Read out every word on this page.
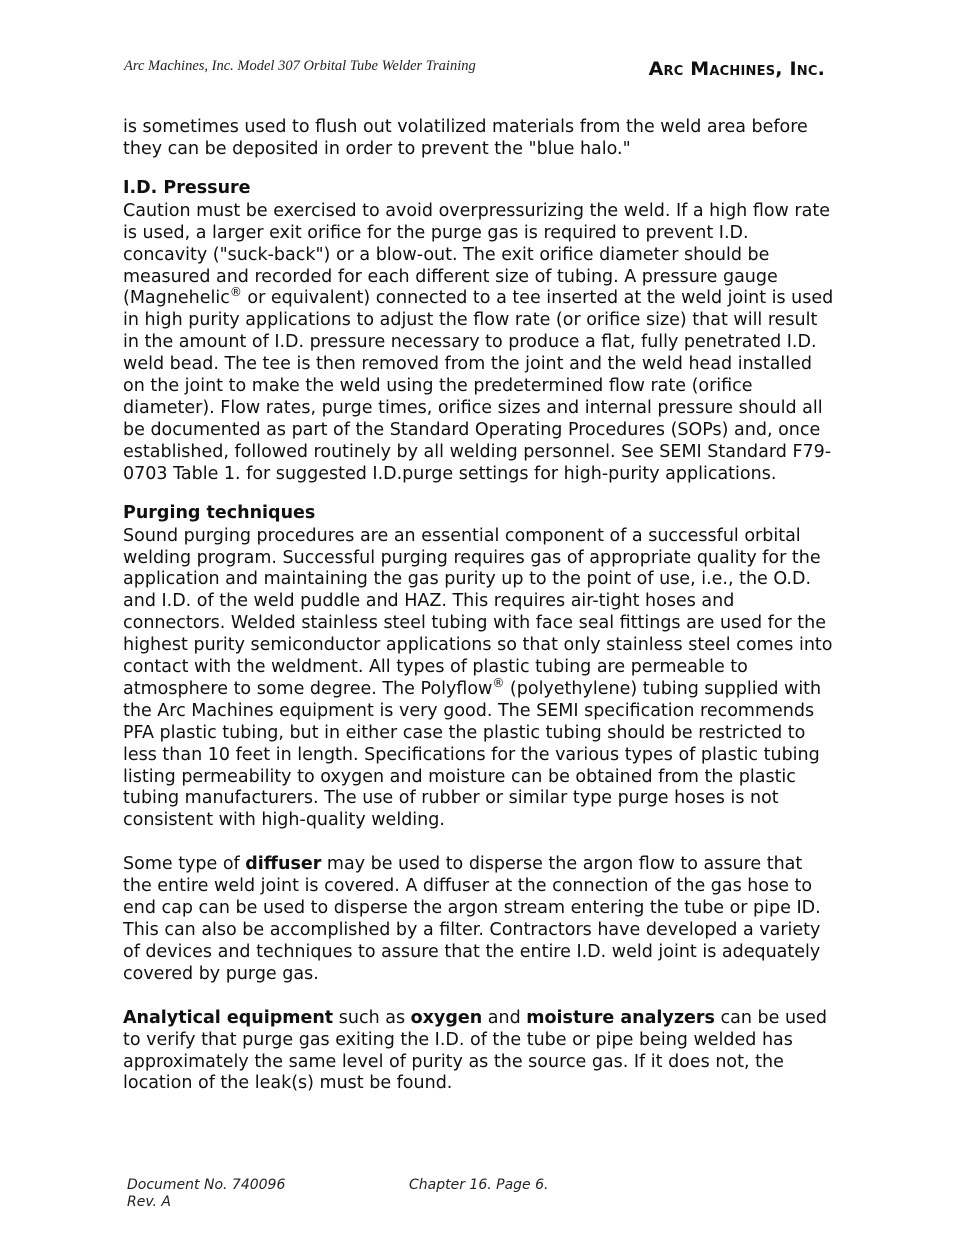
Arc Machines, Inc. Model 307 Orbital Tube Welder Training	Arc Machines, Inc.

is sometimes used to flush out volatilized materials from the weld area before they can be deposited in order to prevent the "blue halo."

I.D. Pressure

Caution must be exercised to avoid overpressurizing the weld. If a high flow rate is used, a larger exit orifice for the purge gas is required to prevent I.D. concavity ("suck-back") or a blow-out. The exit orifice diameter should be measured and recorded for each different size of tubing. A pressure gauge (Magnehelic® or equivalent) connected to a tee inserted at the weld joint is used in high purity applications to adjust the flow rate (or orifice size) that will result in the amount of I.D. pressure necessary to produce a flat, fully penetrated I.D. weld bead. The tee is then removed from the joint and the weld head installed on the joint to make the weld using the predetermined flow rate (orifice diameter). Flow rates, purge times, orifice sizes and internal pressure should all be documented as part of the Standard Operating Procedures (SOPs) and, once established, followed routinely by all welding personnel. See SEMI Standard F79-0703 Table 1. for suggested I.D.purge settings for high-purity applications.

Purging techniques

Sound purging procedures are an essential component of a successful orbital welding program. Successful purging requires gas of appropriate quality for the application and maintaining the gas purity up to the point of use, i.e., the O.D. and I.D. of the weld puddle and HAZ. This requires air-tight hoses and connectors. Welded stainless steel tubing with face seal fittings are used for the highest purity semiconductor applications so that only stainless steel comes into contact with the weldment. All types of plastic tubing are permeable to atmosphere to some degree. The Polyflow® (polyethylene) tubing supplied with the Arc Machines equipment is very good. The SEMI specification recommends PFA plastic tubing, but in either case the plastic tubing should be restricted to less than 10 feet in length. Specifications for the various types of plastic tubing listing permeability to oxygen and moisture can be obtained from the plastic tubing manufacturers. The use of rubber or similar type purge hoses is not consistent with high-quality welding.

Some type of diffuser may be used to disperse the argon flow to assure that the entire weld joint is covered. A diffuser at the connection of the gas hose to end cap can be used to disperse the argon stream entering the tube or pipe ID. This can also be accomplished by a filter. Contractors have developed a variety of devices and techniques to assure that the entire I.D. weld joint is adequately covered by purge gas.

Analytical equipment such as oxygen and moisture analyzers can be used to verify that purge gas exiting the I.D. of the tube or pipe being welded has approximately the same level of purity as the source gas. If it does not, the location of the leak(s) must be found.

Document No. 740096
Rev. A
Chapter 16. Page 6.
